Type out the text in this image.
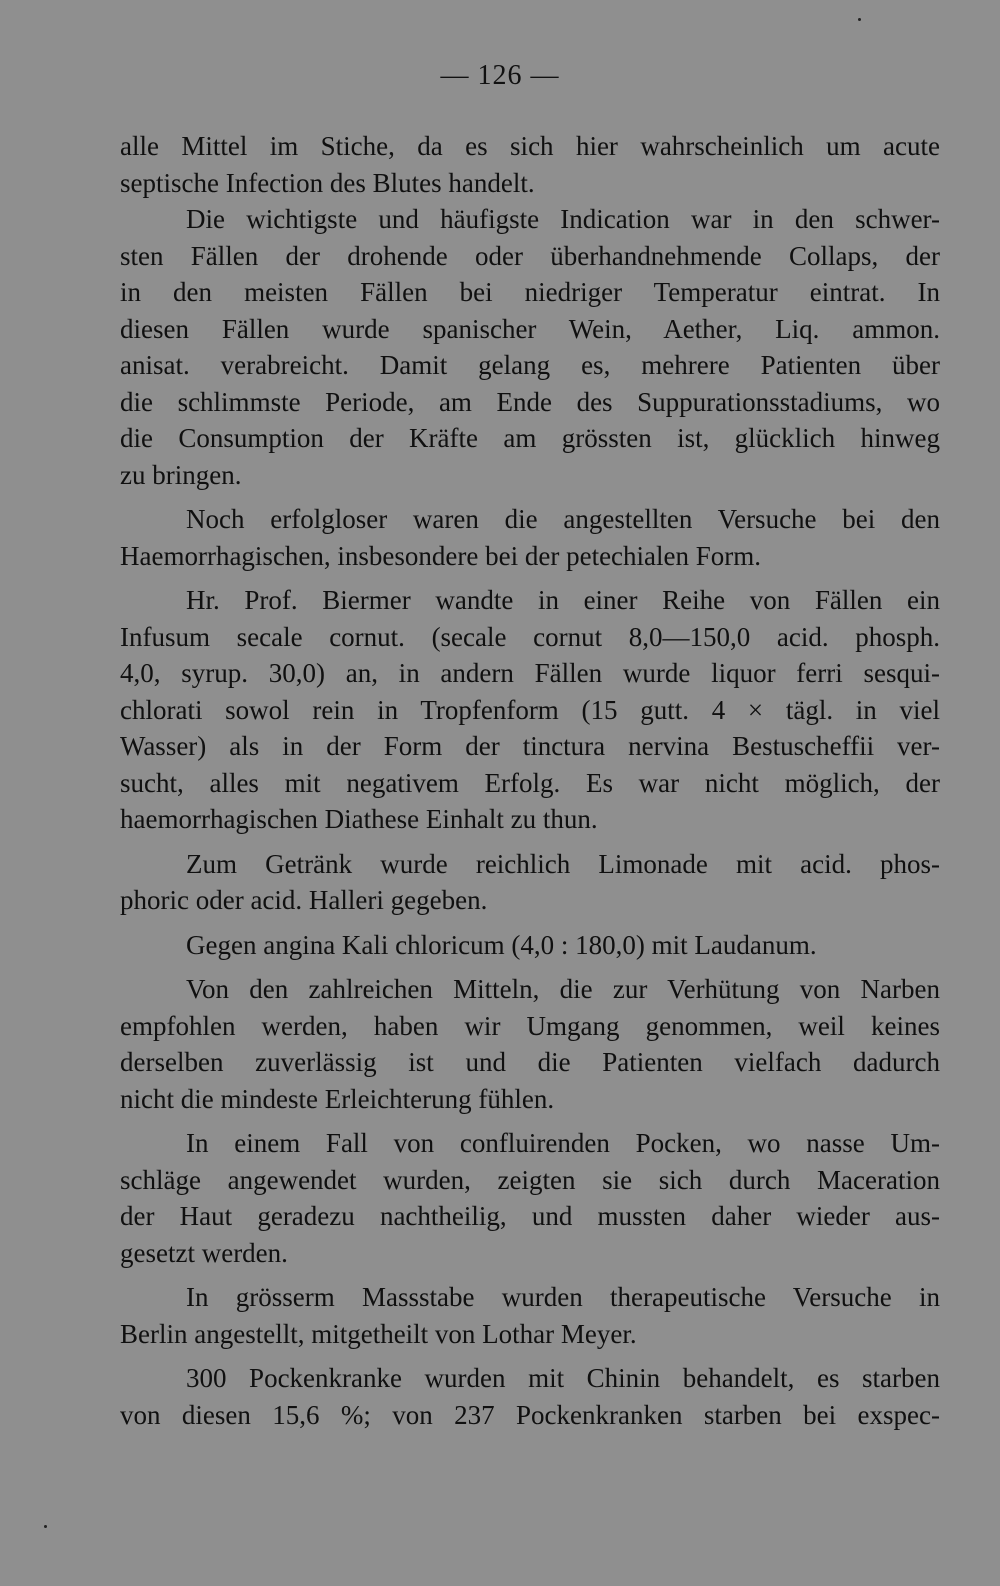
— 126 —
alle Mittel im Stiche, da es sich hier wahrscheinlich um acute
septische Infection des Blutes handelt.
Die wichtigste und häufigste Indication war in den schwer-
sten Fällen der drohende oder überhandnehmende Collaps, der
in den meisten Fällen bei niedriger Temperatur eintrat. In
diesen Fällen wurde spanischer Wein, Aether, Liq. ammon.
anisat. verabreicht. Damit gelang es, mehrere Patienten über
die schlimmste Periode, am Ende des Suppurationsstadiums, wo
die Consumption der Kräfte am grössten ist, glücklich hinweg
zu bringen.
Noch erfolgloser waren die angestellten Versuche bei den
Haemorrhagischen, insbesondere bei der petechialen Form.
Hr. Prof. Biermer wandte in einer Reihe von Fällen ein
Infusum secale cornut. (secale cornut 8,0—150,0 acid. phosph.
4,0, syrup. 30,0) an, in andern Fällen wurde liquor ferri sesqui-
chlorati sowol rein in Tropfenform (15 gutt. 4 × tägl. in viel
Wasser) als in der Form der tinctura nervina Bestuscheffii ver-
sucht, alles mit negativem Erfolg. Es war nicht möglich, der
haemorrhagischen Diathese Einhalt zu thun.
Zum Getränk wurde reichlich Limonade mit acid. phos-
phoric oder acid. Halleri gegeben.
Gegen angina Kali chloricum (4,0 : 180,0) mit Laudanum.
Von den zahlreichen Mitteln, die zur Verhütung von Narben
empfohlen werden, haben wir Umgang genommen, weil keines
derselben zuverlässig ist und die Patienten vielfach dadurch
nicht die mindeste Erleichterung fühlen.
In einem Fall von confluirenden Pocken, wo nasse Um-
schläge angewendet wurden, zeigten sie sich durch Maceration
der Haut geradezu nachtheilig, und mussten daher wieder aus-
gesetzt werden.
In grösserm Massstabe wurden therapeutische Versuche in
Berlin angestellt, mitgetheilt von Lothar Meyer.
300 Pockenkranke wurden mit Chinin behandelt, es starben
von diesen 15,6 %; von 237 Pockenkranken starben bei exspec-
